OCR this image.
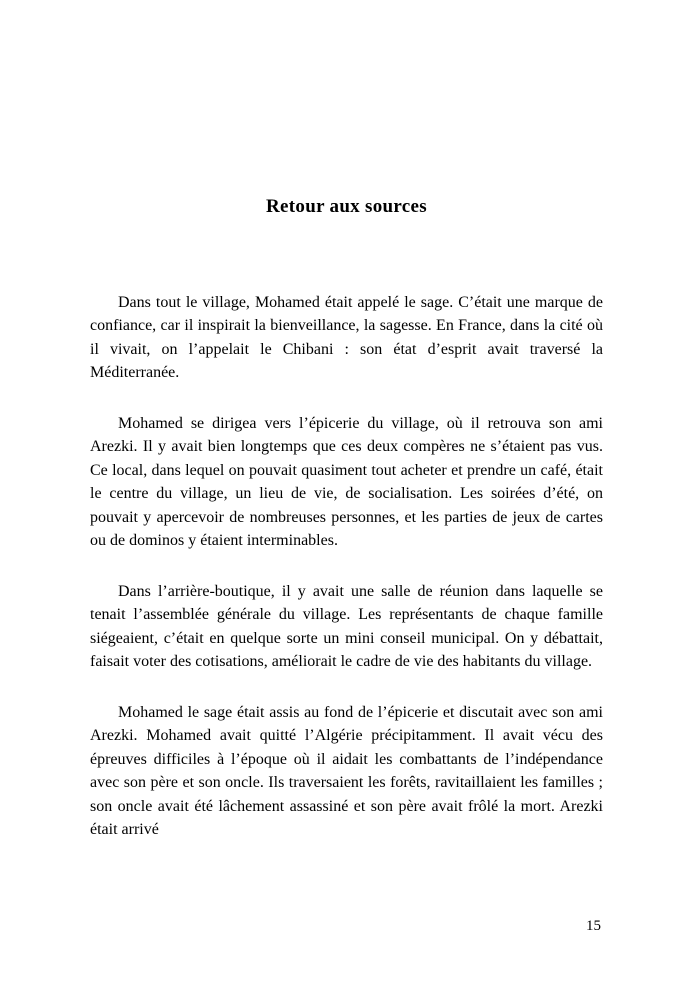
Retour aux sources

Dans tout le village, Mohamed était appelé le sage. C’était une marque de confiance, car il inspirait la bienveillance, la sagesse. En France, dans la cité où il vivait, on l’appelait le Chibani : son état d’esprit avait traversé la Méditerranée.

Mohamed se dirigea vers l’épicerie du village, où il retrouva son ami Arezki. Il y avait bien longtemps que ces deux compères ne s’étaient pas vus. Ce local, dans lequel on pouvait quasiment tout acheter et prendre un café, était le centre du village, un lieu de vie, de socialisation. Les soirées d’été, on pouvait y apercevoir de nombreuses personnes, et les parties de jeux de cartes ou de dominos y étaient interminables.

Dans l’arrière-boutique, il y avait une salle de réunion dans laquelle se tenait l’assemblée générale du village. Les représentants de chaque famille siégeaient, c’était en quelque sorte un mini conseil municipal. On y débattait, faisait voter des cotisations, améliorait le cadre de vie des habitants du village.

Mohamed le sage était assis au fond de l’épicerie et discutait avec son ami Arezki. Mohamed avait quitté l’Algérie précipitamment. Il avait vécu des épreuves difficiles à l’époque où il aidait les combattants de l’indépendance avec son père et son oncle. Ils traversaient les forêts, ravitaillaient les familles ; son oncle avait été lâchement assassiné et son père avait frôlé la mort. Arezki était arrivé

15
